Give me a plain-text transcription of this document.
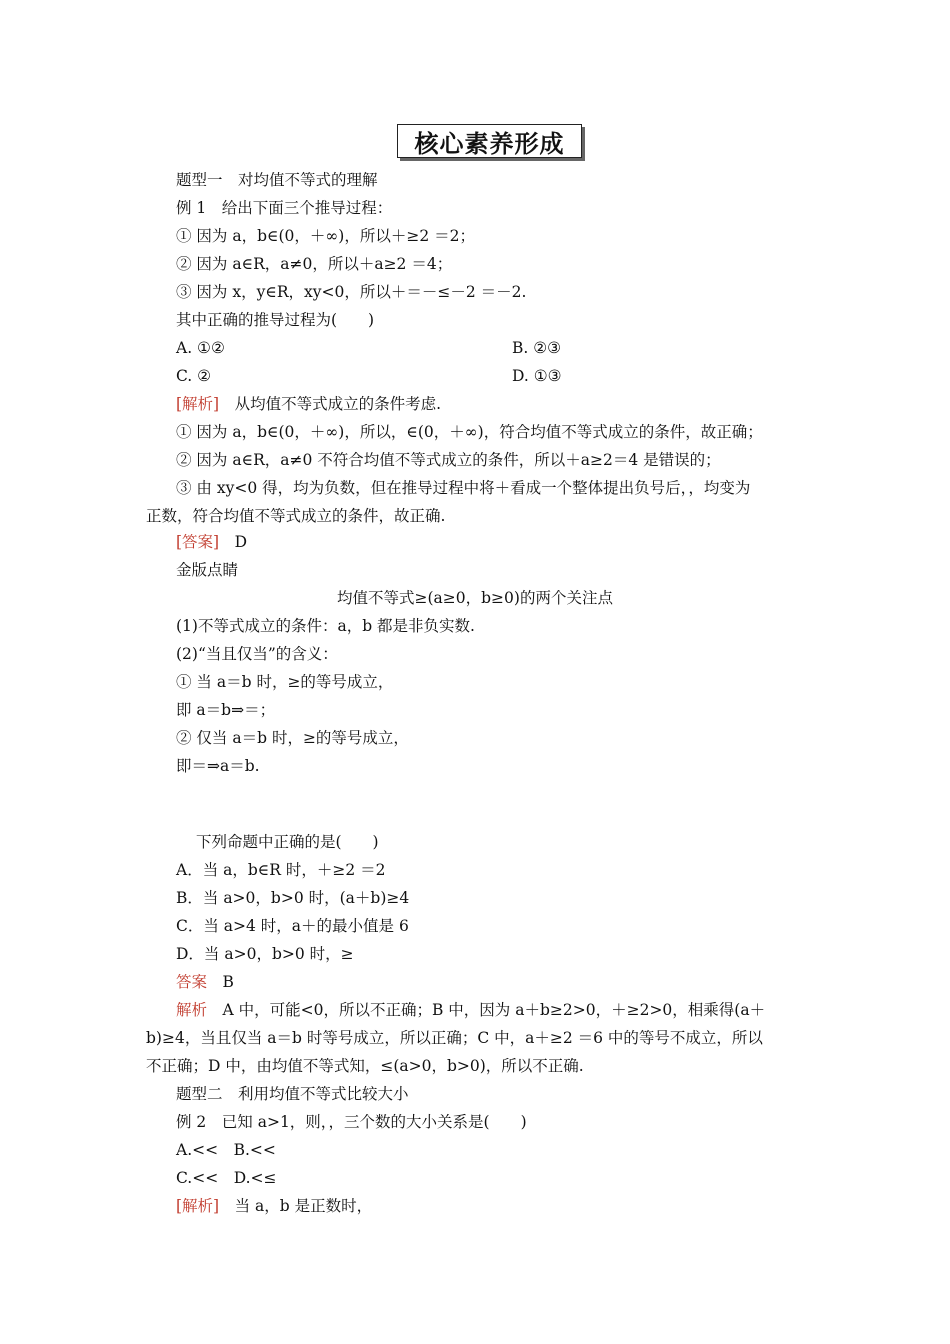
核心素养形成
题型一　对均值不等式的理解
例 1　给出下面三个推导过程：
① 因为 a，b∈(0，＋∞)，所以＋≥2 ＝2；
② 因为 a∈R，a≠0，所以＋a≥2 ＝4；
③ 因为 x，y∈R，xy<0，所以＋＝－≤－2 ＝－2.
其中正确的推导过程为(　　)
A. ①②	B. ②③
C. ②	D. ①③
[解析]　从均值不等式成立的条件考虑.
① 因为 a，b∈(0，＋∞)，所以，∈(0，＋∞)，符合均值不等式成立的条件，故正确；
② 因为 a∈R，a≠0 不符合均值不等式成立的条件，所以＋a≥2＝4 是错误的；
③ 由 xy<0 得，均为负数，但在推导过程中将＋看成一个整体提出负号后，，均变为
正数，符合均值不等式成立的条件，故正确.
[答案]　D
金版点睛
均值不等式≥(a≥0，b≥0)的两个关注点
(1)不等式成立的条件：a，b 都是非负实数.
(2)“当且仅当”的含义：
① 当 a＝b 时，≥的等号成立，
即 a＝b⇒＝；
② 仅当 a＝b 时，≥的等号成立，
即＝⇒a＝b.
下列命题中正确的是(　　)
A．当 a，b∈R 时，＋≥2 ＝2
B．当 a>0，b>0 时，(a＋b)≥4
C．当 a>4 时，a＋的最小值是 6
D．当 a>0，b>0 时，≥
答案　B
解析　A 中，可能<0，所以不正确；B 中，因为 a＋b≥2>0，＋≥2>0，相乘得(a＋
b)≥4，当且仅当 a＝b 时等号成立，所以正确；C 中，a＋≥2 ＝6 中的等号不成立，所以
不正确；D 中，由均值不等式知，≤(a>0，b>0)，所以不正确.
题型二　利用均值不等式比较大小
例 2　已知 a>1，则，，三个数的大小关系是(　　)
A.<<　B.<<
C.<<　D.<≤
[解析]　当 a，b 是正数时，
